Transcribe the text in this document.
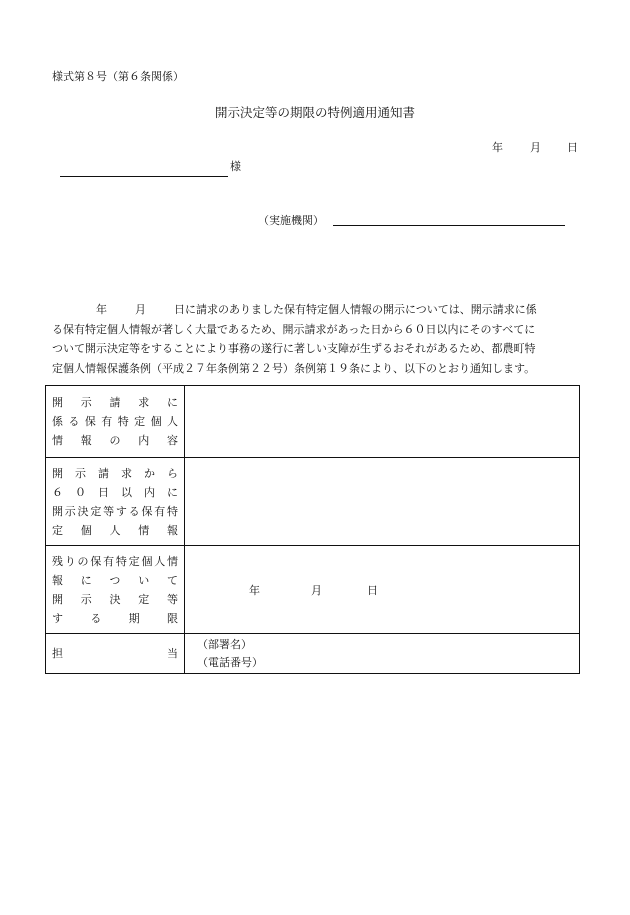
様式第８号（第６条関係）
開示決定等の期限の特例適用通知書
年	月	日
様
（実施機関）
年	月	日に請求のありました保有特定個人情報の開示については、開示請求に係
る保有特定個人情報が著しく大量であるため、開示請求があった日から６０日以内にそのすべてに
ついて開示決定等をすることにより事務の遂行に著しい支障が生ずるおそれがあるため、都農町特
定個人情報保護条例（平成２７年条例第２２号）条例第１９条により、以下のとおり通知します。
開示請求に
係る保有特定個人
情報の内容	

開示請求から
６０日以内に
開示決定等する保有特
定個人情報	

残りの保有特定個人情
報について
開示決定等
する期限	年 月 日

担当	（部署名）
（電話番号）
